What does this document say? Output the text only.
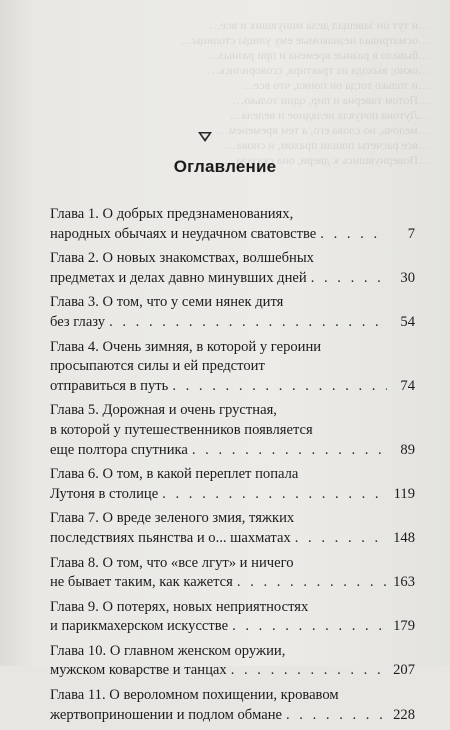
…и тут он завещал дела минувших и все…
…осматривал незнакомые ему улицы столицы…
…бывало в разные времена и при разных…
…окно; выходя из трактира, сговорились…
…и только тогда он понял, что все…
…Потом таверна и пир, одни только…
…Лутона почуяла неладное и велела…
…мелочь, но слова его, а тем временем…
…все расчеты пошли прахом, и снова…
…Повернувшись к двери, она сказала…
Оглавление
Глава 1. О добрых предзнаменованиях,
народных обычаях и неудачном сватовстве . . .	7
Глава 2. О новых знакомствах, волшебных
предметах и делах давно минувших дней . . .	30
Глава 3. О том, что у семи нянек дитя
без глазу . . .	54
Глава 4. Очень зимняя, в которой у героини
просыпаются силы и ей предстоит
отправиться в путь . . .	74
Глава 5. Дорожная и очень грустная,
в которой у путешественников появляется
еще полтора спутника . . .	89
Глава 6. О том, в какой переплет попала
Лутоня в столице . . .	119
Глава 7. О вреде зеленого змия, тяжких
последствиях пьянства и о... шахматах . . .	148
Глава 8. О том, что «все лгут» и ничего
не бывает таким, как кажется . . .	163
Глава 9. О потерях, новых неприятностях
и парикмахерском искусстве . . .	179
Глава 10. О главном женском оружии,
мужском коварстве и танцах . . .	207
Глава 11. О вероломном похищении, кровавом
жертвоприношении и подлом обмане . . .	228
